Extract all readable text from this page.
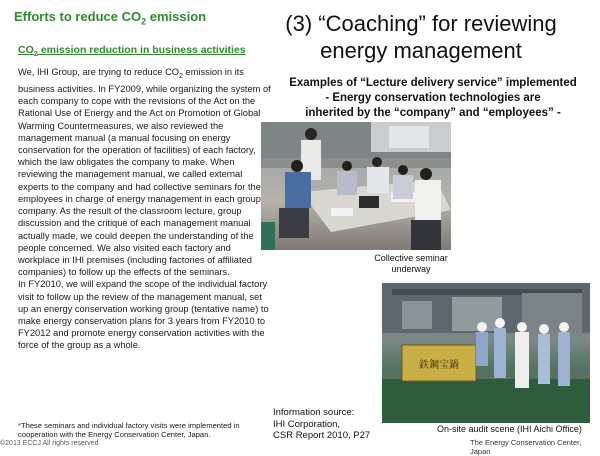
Efforts to reduce $CO_2$ emission
$CO_2$ emission reduction in business activities

We, IHI Group, are trying to reduce $CO_2$ emission in its business activities. In FY2009, while organizing the system of each company to cope with the revisions of the Act on the Rational Use of Energy and the Act on Promotion of Global Warming Countermeasures, we also reviewed the management manual (a manual focusing on energy conservation for the operation of facilities) of each factory, which the law obligates the company to make. When reviewing the management manual, we called external experts to the company and had collective seminars for the employees in charge of energy management in each group company. As the result of the classroom lecture, group discussion and the critique of each management manual actually made, we could deepen the understanding of the people concerned. We also visited each factory and workplace in IHI premises (including factories of affiliated companies) to follow up the effects of the seminars.

In FY2010, we will expand the scope of the individual factory visit to follow up the review of the management manual, set up an energy conservation working group (tentative name) to make energy conservation plans for 3 years from FY2010 to FY2012 and promote energy conservation activities with the force of the group as a whole.

*These seminars and individual factory visits were implemented in cooperation with the Energy Conservation Center, Japan.
©2013 ECCJ All rights reserved
(3) “Coaching” for reviewing
energy management
Examples of “Lecture delivery service” implemented
- Energy conservation technologies are
inherited by the “company” and “employees” -
Collective seminar
underway
鉄鋼宝鍋
Information source:
IHI Corporation,
CSR Report 2010, P27
On-site audit scene (IHI Aichi Office)
The Energy Conservation Center, Japan
